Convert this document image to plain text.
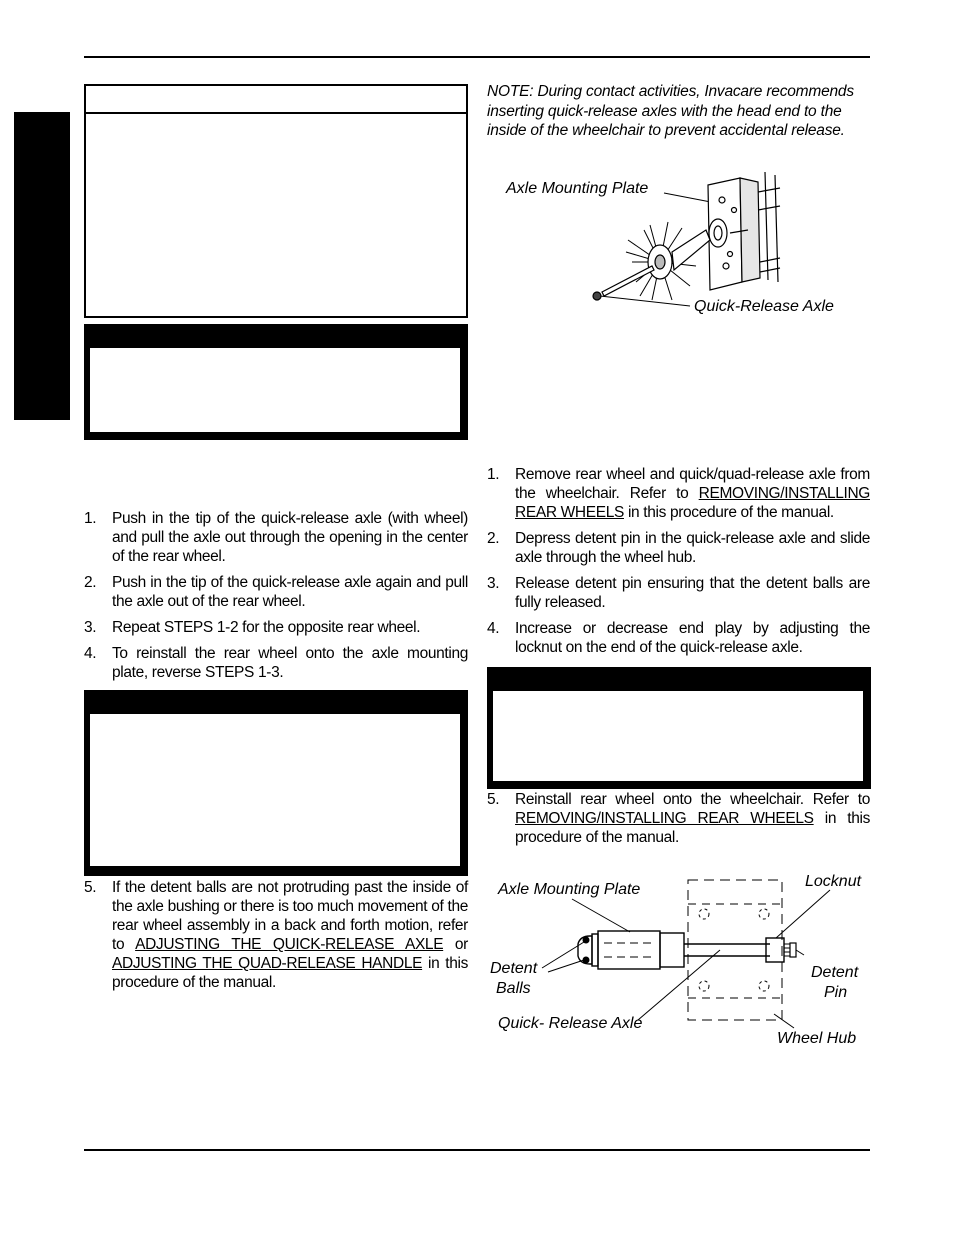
NOTE: During contact activities, Invacare recommends inserting quick-release axles with the head end to the inside of the wheelchair to prevent accidental release.
Axle Mounting Plate
Quick-Release Axle
1. Push in the tip of the quick-release axle (with wheel) and pull the axle out through the opening in the center of the rear wheel.
2. Push in the tip of the quick-release axle again and pull the axle out of the rear wheel.
3. Repeat STEPS 1-2 for the opposite rear wheel.
4. To reinstall the rear wheel onto the axle mounting plate, reverse STEPS 1-3.
5. If the detent balls are not protruding past the inside of the axle bushing or there is too much movement of the rear wheel assembly in a back and forth motion, refer to ADJUSTING THE QUICK-RELEASE AXLE or ADJUSTING THE QUAD-RELEASE HANDLE in this procedure of the manual.
1. Remove rear wheel and quick/quad-release axle from the wheelchair. Refer to REMOVING/INSTALLING REAR WHEELS in this procedure of the manual.
2. Depress detent pin in the quick-release axle and slide axle through the wheel hub.
3. Release detent pin ensuring that the detent balls are fully released.
4. Increase or decrease end play by adjusting the locknut on the end of the quick-release axle.
5. Reinstall rear wheel onto the wheelchair. Refer to REMOVING/INSTALLING REAR WHEELS in this procedure of the manual.
Axle Mounting Plate	Locknut
Detent
Balls
Detent
Pin
Quick- Release Axle
Wheel Hub
